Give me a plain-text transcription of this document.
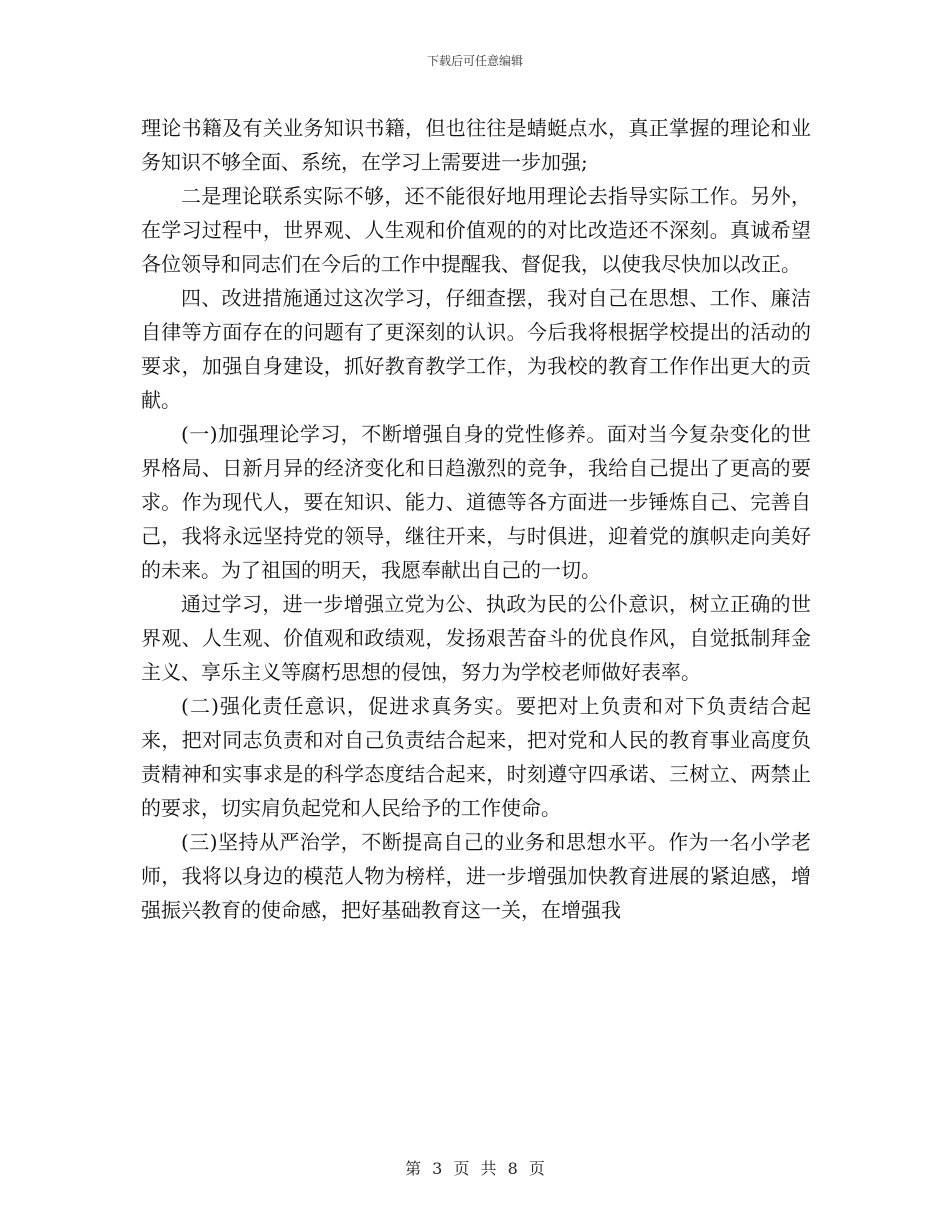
下载后可任意编辑

理论书籍及有关业务知识书籍，但也往往是蜻蜓点水，真正掌握的理论和业务知识不够全面、系统，在学习上需要进一步加强;

二是理论联系实际不够，还不能很好地用理论去指导实际工作。另外，在学习过程中，世界观、人生观和价值观的的对比改造还不深刻。真诚希望各位领导和同志们在今后的工作中提醒我、督促我，以使我尽快加以改正。

四、改进措施通过这次学习，仔细查摆，我对自己在思想、工作、廉洁自律等方面存在的问题有了更深刻的认识。今后我将根据学校提出的活动的要求，加强自身建设，抓好教育教学工作，为我校的教育工作作出更大的贡献。

(一)加强理论学习，不断增强自身的党性修养。面对当今复杂变化的世界格局、日新月异的经济变化和日趋激烈的竞争，我给自己提出了更高的要求。作为现代人，要在知识、能力、道德等各方面进一步锤炼自己、完善自己，我将永远坚持党的领导，继往开来，与时俱进，迎着党的旗帜走向美好的未来。为了祖国的明天，我愿奉献出自己的一切。

通过学习，进一步增强立党为公、执政为民的公仆意识，树立正确的世界观、人生观、价值观和政绩观，发扬艰苦奋斗的优良作风，自觉抵制拜金主义、享乐主义等腐朽思想的侵蚀，努力为学校老师做好表率。

(二)强化责任意识，促进求真务实。要把对上负责和对下负责结合起来，把对同志负责和对自己负责结合起来，把对党和人民的教育事业高度负责精神和实事求是的科学态度结合起来，时刻遵守四承诺、三树立、两禁止的要求，切实肩负起党和人民给予的工作使命。

(三)坚持从严治学，不断提高自己的业务和思想水平。作为一名小学老师，我将以身边的模范人物为榜样，进一步增强加快教育进展的紧迫感，增强振兴教育的使命感，把好基础教育这一关，在增强我

第 3 页 共 8 页
